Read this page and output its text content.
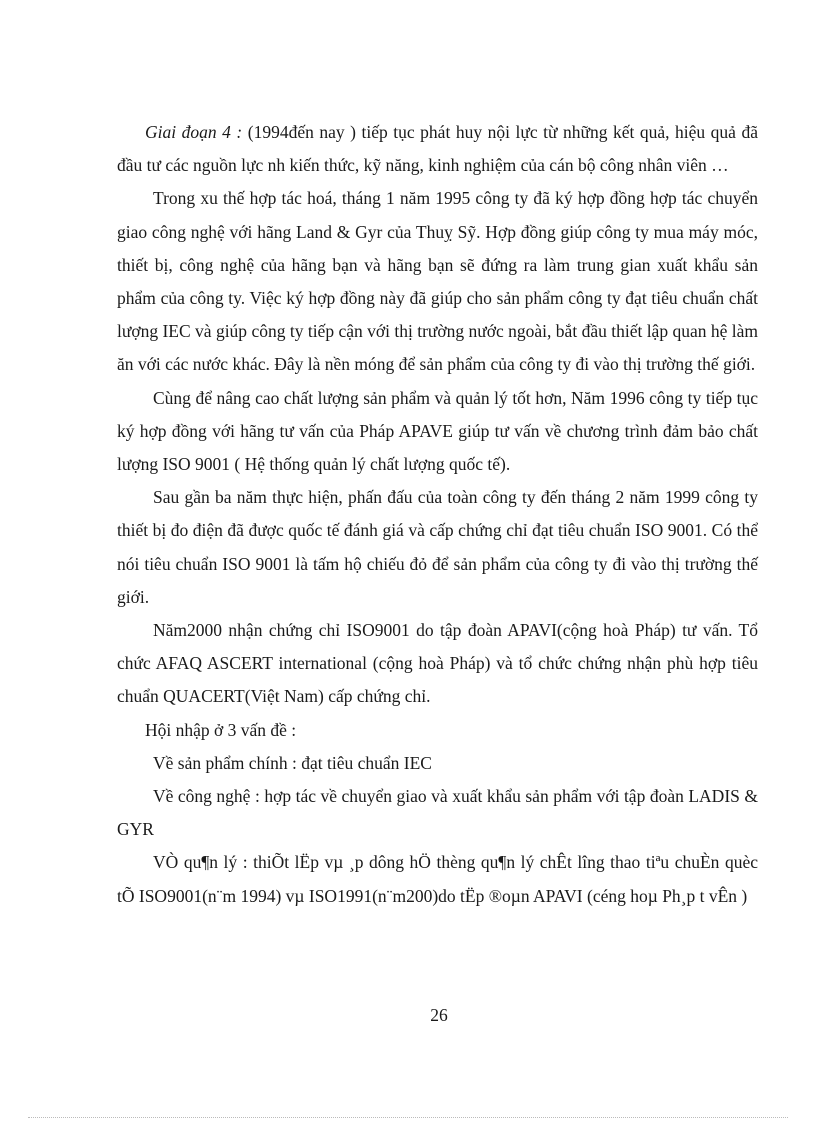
Giai đoạn 4 : (1994đến nay ) tiếp tục phát huy nội lực từ những kết quả, hiệu quả đã đầu tư các nguồn lực nh kiến thức, kỹ năng, kinh nghiệm của cán bộ công nhân viên …

Trong xu thế hợp tác hoá, tháng 1 năm 1995 công ty đã ký hợp đồng hợp tác chuyển giao công nghệ với hãng Land & Gyr của Thuỵ Sỹ. Hợp đồng giúp công ty mua máy móc, thiết bị, công nghệ của hãng bạn và hãng bạn sẽ đứng ra làm trung gian xuất khẩu sản phẩm của công ty. Việc ký hợp đồng này đã giúp cho sản phẩm công ty đạt tiêu chuẩn chất lượng IEC và giúp công ty tiếp cận với thị trường nước ngoài, bắt đầu thiết lập quan hệ làm ăn với các nước khác. Đây là nền móng để sản phẩm của công ty đi vào thị trường thế giới.

Cùng để nâng cao chất lượng sản phẩm và quản lý tốt hơn, Năm 1996 công ty tiếp tục ký hợp đồng với hãng tư vấn của Pháp APAVE giúp tư vấn về chương trình đảm bảo chất lượng ISO 9001 ( Hệ thống quản lý chất lượng quốc tế).

Sau gần ba năm thực hiện, phấn đấu của toàn công ty đến tháng 2 năm 1999 công ty thiết bị đo điện đã được quốc tế đánh giá và cấp chứng chỉ đạt tiêu chuẩn ISO 9001. Có thể nói tiêu chuẩn ISO 9001 là tấm hộ chiếu đỏ để sản phẩm của công ty đi vào thị trường thế giới.

Năm2000 nhận chứng chỉ ISO9001 do tập đoàn APAVI(cộng hoà Pháp) tư vấn. Tổ chức AFAQ ASCERT international (cộng hoà Pháp) và tổ chức chứng nhận phù hợp tiêu chuẩn QUACERT(Việt Nam) cấp chứng chỉ.

Hội nhập ở 3 vấn đề :

Về sản phẩm chính : đạt tiêu chuẩn IEC

Về công nghệ : hợp tác về chuyển giao và xuất khẩu sản phẩm với tập đoàn LADIS & GYR

VÒ qu¶n lý : thiÕt lËp vµ ¸p dông hÖ thèng qu¶n lý chÊt lîng thao tiªu chuÈn quèc tÕ ISO9001(n¨m 1994) vµ ISO1991(n¨m200)do tËp ®oµn APAVI (céng hoµ Ph¸p t vÊn )

26
